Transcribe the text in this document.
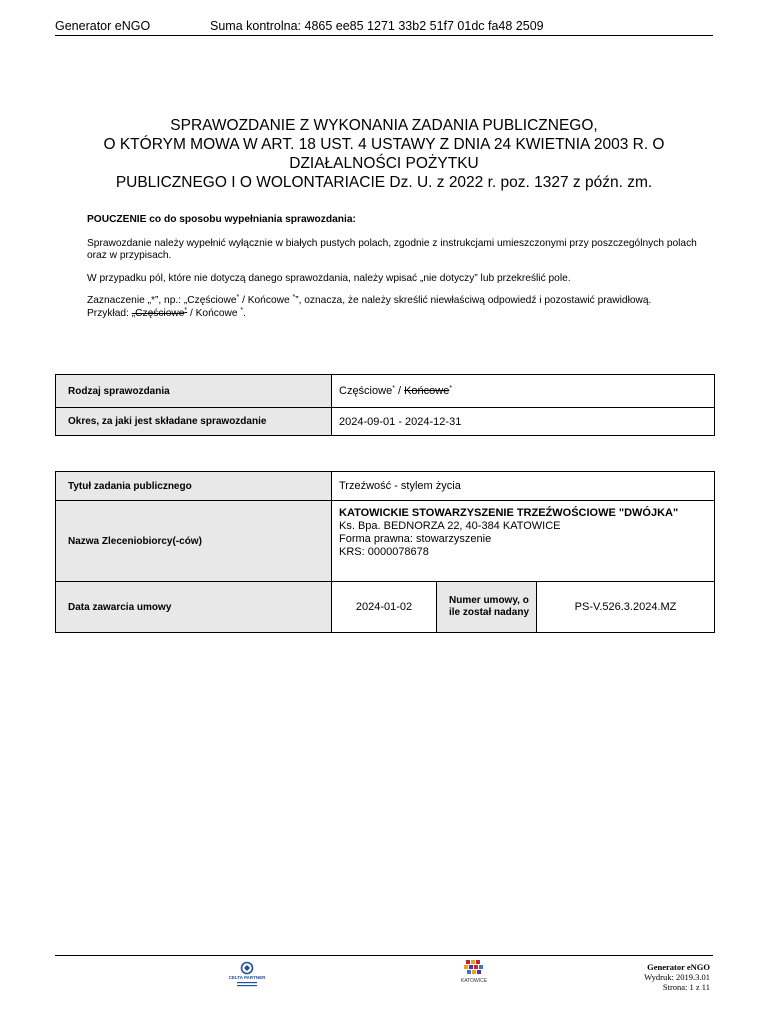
Generator eNGO	Suma kontrolna: 4865 ee85 1271 33b2 51f7 01dc fa48 2509
SPRAWOZDANIE Z WYKONANIA ZADANIA PUBLICZNEGO,
O KTÓRYM MOWA W ART. 18 UST. 4 USTAWY Z DNIA 24 KWIETNIA 2003 R. O
DZIAŁALNOŚCI POŻYTKU
PUBLICZNEGO I O WOLONTARIACIE Dz. U. z 2022 r. poz. 1327 z późn. zm.

POUCZENIE co do sposobu wypełniania sprawozdania:

Sprawozdanie należy wypełnić wyłącznie w białych pustych polach, zgodnie z instrukcjami umieszczonymi przy poszczególnych polach oraz w przypisach.

W przypadku pól, które nie dotyczą danego sprawozdania, należy wpisać „nie dotyczy” lub przekreślić pole.

Zaznaczenie „*”, np.: „Częściowe* / Końcowe *”, oznacza, że należy skreślić niewłaściwą odpowiedź i pozostawić prawidłową.

Przykład: „Częściowe* / Końcowe *.

Rodzaj sprawozdania	Częściowe* / Końcowe*
Okres, za jaki jest składane sprawozdanie	2024-09-01 - 2024-12-31
Tytuł zadania publicznego	Trzeźwość - stylem życia		
Nazwa Zleceniobiorcy(-ców)	KATOWICKIE STOWARZYSZENIE TRZEŹWOŚCIOWE "DWÓJKA"
Ks. Bpa. BEDNORZA 22, 40-384 KATOWICE
Forma prawna: stowarzyszenie
KRS: 0000078678		

Data zawarcia umowy	2024-01-02	Numer umowy, o ile został nadany	PS-V.526.3.2024.MZ
CELTA PARTNER
KATOWICE
Generator eNGO
Wydruk: 2019.3.01
Strona: 1 z 11
